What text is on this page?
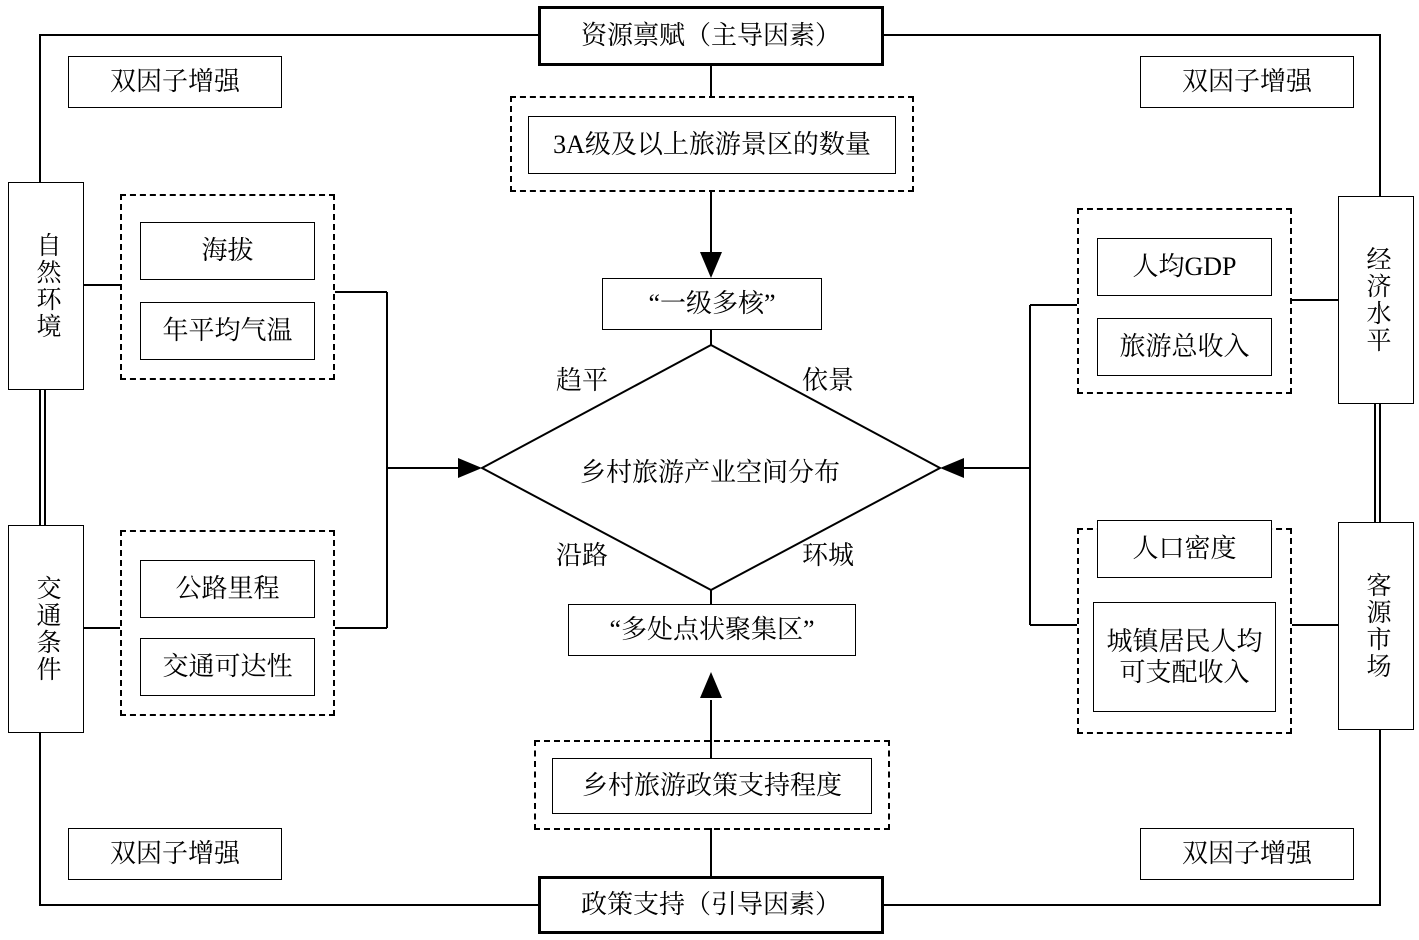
资源禀赋（主导因素）
政策支持（引导因素）
双因子增强	双因子增强
双因子增强	双因子增强
自然环境
交通条件
经济水平
客源市场
海拔
年平均气温
公路里程
交通可达性
人均GDP
旅游总收入
人口密度
城镇居民人均可支配收入
3A级及以上旅游景区的数量
乡村旅游政策支持程度
“一级多核”
“多处点状聚集区”
乡村旅游产业空间分布
趋平	依景
沿路	环城
